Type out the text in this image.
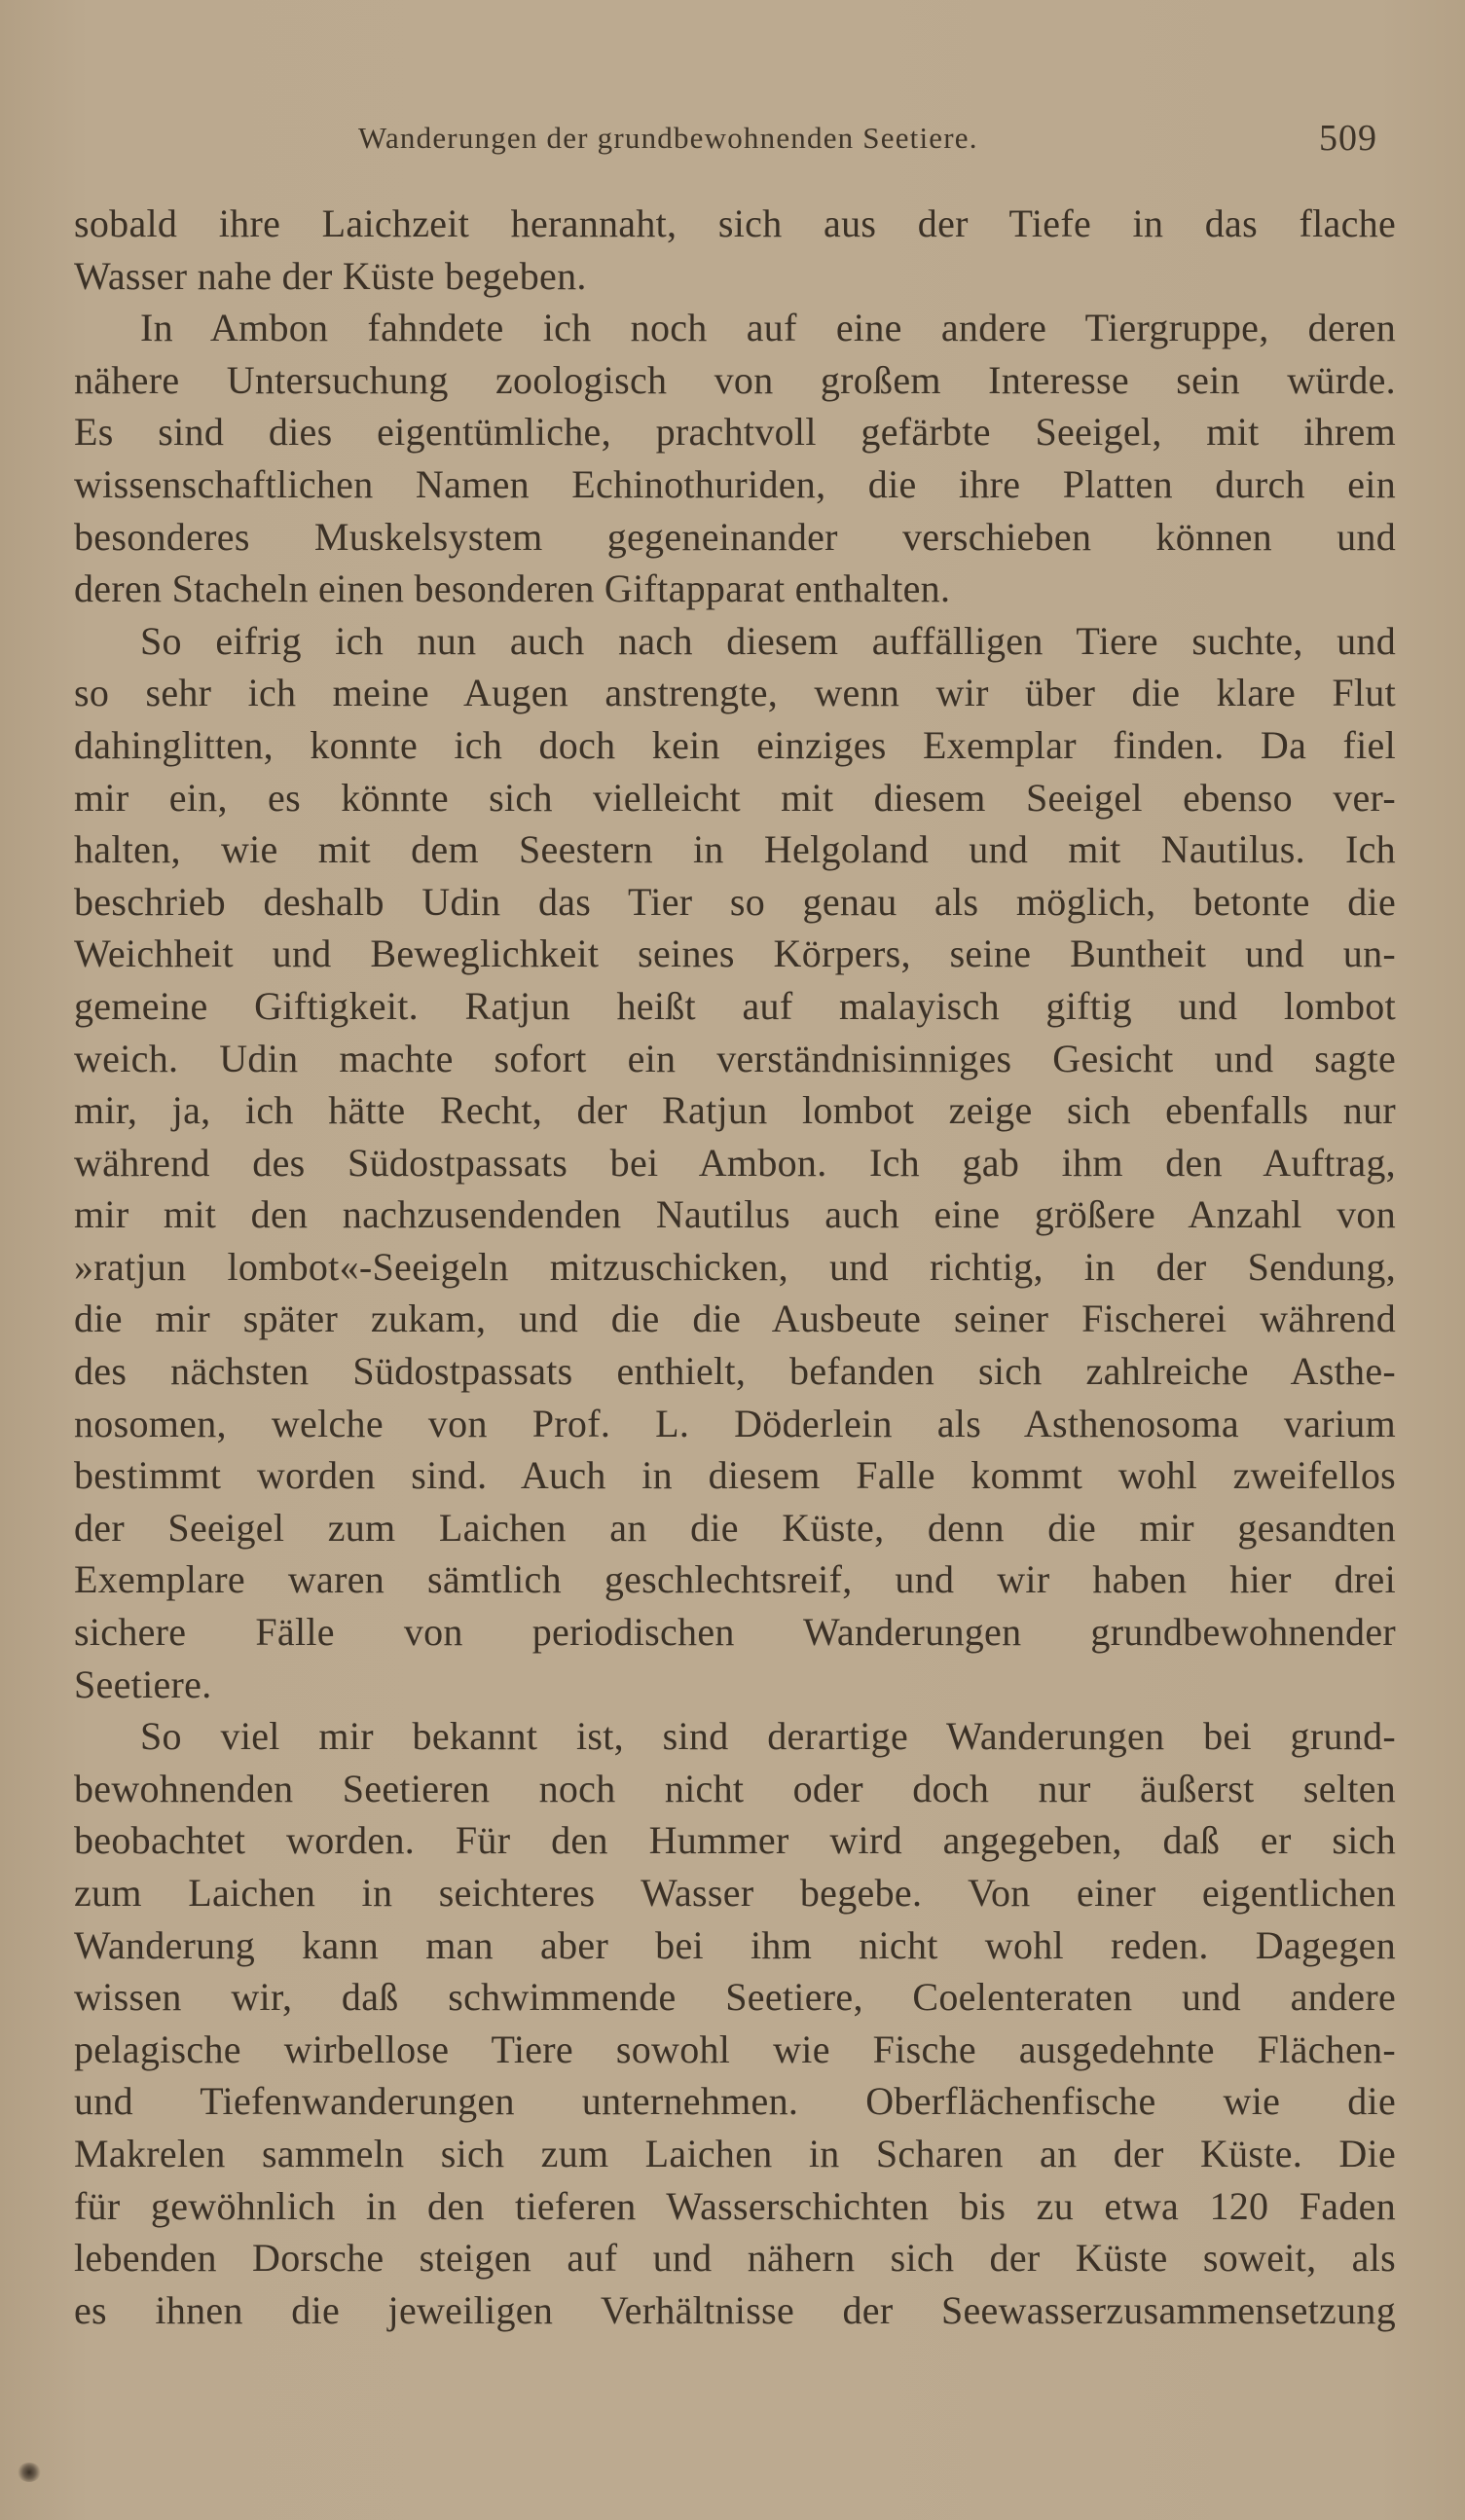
Wanderungen der grundbewohnenden Seetiere.	509
sobald ihre Laichzeit herannaht, sich aus der Tiefe in das flache
Wasser nahe der Küste begeben.
In Ambon fahndete ich noch auf eine andere Tiergruppe, deren
nähere Untersuchung zoologisch von großem Interesse sein würde.
Es sind dies eigentümliche, prachtvoll gefärbte Seeigel, mit ihrem
wissenschaftlichen Namen Echinothuriden, die ihre Platten durch ein
besonderes Muskelsystem gegeneinander verschieben können und
deren Stacheln einen besonderen Giftapparat enthalten.
So eifrig ich nun auch nach diesem auffälligen Tiere suchte, und
so sehr ich meine Augen anstrengte, wenn wir über die klare Flut
dahinglitten, konnte ich doch kein einziges Exemplar finden. Da fiel
mir ein, es könnte sich vielleicht mit diesem Seeigel ebenso ver-
halten, wie mit dem Seestern in Helgoland und mit Nautilus. Ich
beschrieb deshalb Udin das Tier so genau als möglich, betonte die
Weichheit und Beweglichkeit seines Körpers, seine Buntheit und un-
gemeine Giftigkeit. Ratjun heißt auf malayisch giftig und lombot
weich. Udin machte sofort ein verständnisinniges Gesicht und sagte
mir, ja, ich hätte Recht, der Ratjun lombot zeige sich ebenfalls nur
während des Südostpassats bei Ambon. Ich gab ihm den Auftrag,
mir mit den nachzusendenden Nautilus auch eine größere Anzahl von
»ratjun lombot«-Seeigeln mitzuschicken, und richtig, in der Sendung,
die mir später zukam, und die die Ausbeute seiner Fischerei während
des nächsten Südostpassats enthielt, befanden sich zahlreiche Asthe-
nosomen, welche von Prof. L. Döderlein als Asthenosoma varium
bestimmt worden sind. Auch in diesem Falle kommt wohl zweifellos
der Seeigel zum Laichen an die Küste, denn die mir gesandten
Exemplare waren sämtlich geschlechtsreif, und wir haben hier drei
sichere Fälle von periodischen Wanderungen grundbewohnender
Seetiere.
So viel mir bekannt ist, sind derartige Wanderungen bei grund-
bewohnenden Seetieren noch nicht oder doch nur äußerst selten
beobachtet worden. Für den Hummer wird angegeben, daß er sich
zum Laichen in seichteres Wasser begebe. Von einer eigentlichen
Wanderung kann man aber bei ihm nicht wohl reden. Dagegen
wissen wir, daß schwimmende Seetiere, Coelenteraten und andere
pelagische wirbellose Tiere sowohl wie Fische ausgedehnte Flächen-
und Tiefenwanderungen unternehmen. Oberflächenfische wie die
Makrelen sammeln sich zum Laichen in Scharen an der Küste. Die
für gewöhnlich in den tieferen Wasserschichten bis zu etwa 120 Faden
lebenden Dorsche steigen auf und nähern sich der Küste soweit, als
es ihnen die jeweiligen Verhältnisse der Seewasserzusammensetzung
